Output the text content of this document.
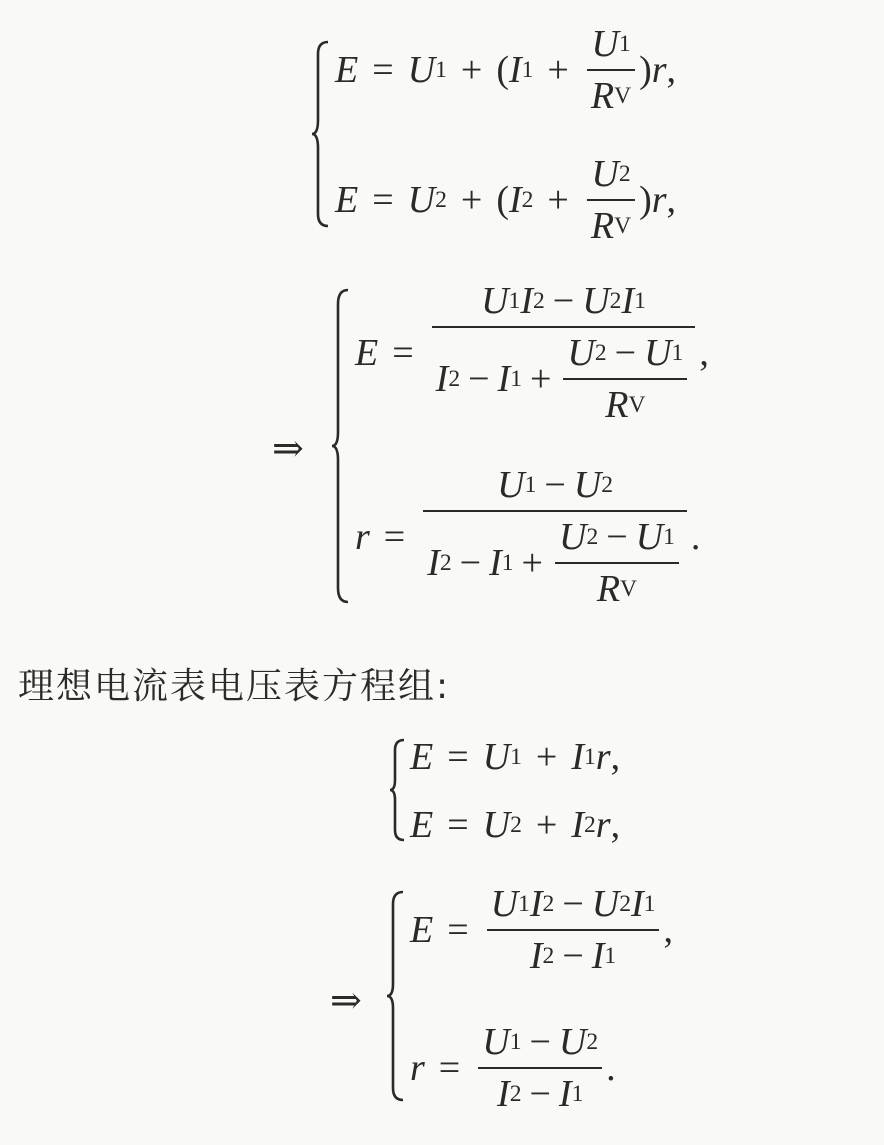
E = U 1 + ( I $1 + \frac{U 1}{\text{R V}}$ ) r ,
E = U 2 + ( I $2 + \frac{U 2}{\text{R V}}$ ) r ,
⇒
$E = \frac{U 1 I 2 - U 2 I 1}{I 2 - I 1 + \frac{U 2 - U 1}{\text{R V}}}$ ,
$r = \frac{U 1 - U 2}{I 2 - I 1 + \frac{U 2 - U 1}{\text{R V}}}$ .
理想电流表电压表方程组:
E = U 1 + I 1 r ,
E = U 2 + I 2 r ,
⇒
$E = \frac{U 1 I 2 - U 2 I 1}{I 2 - I 1}$ ,
$r = \frac{U 1 - U 2}{I 2 - I 1}$ .
